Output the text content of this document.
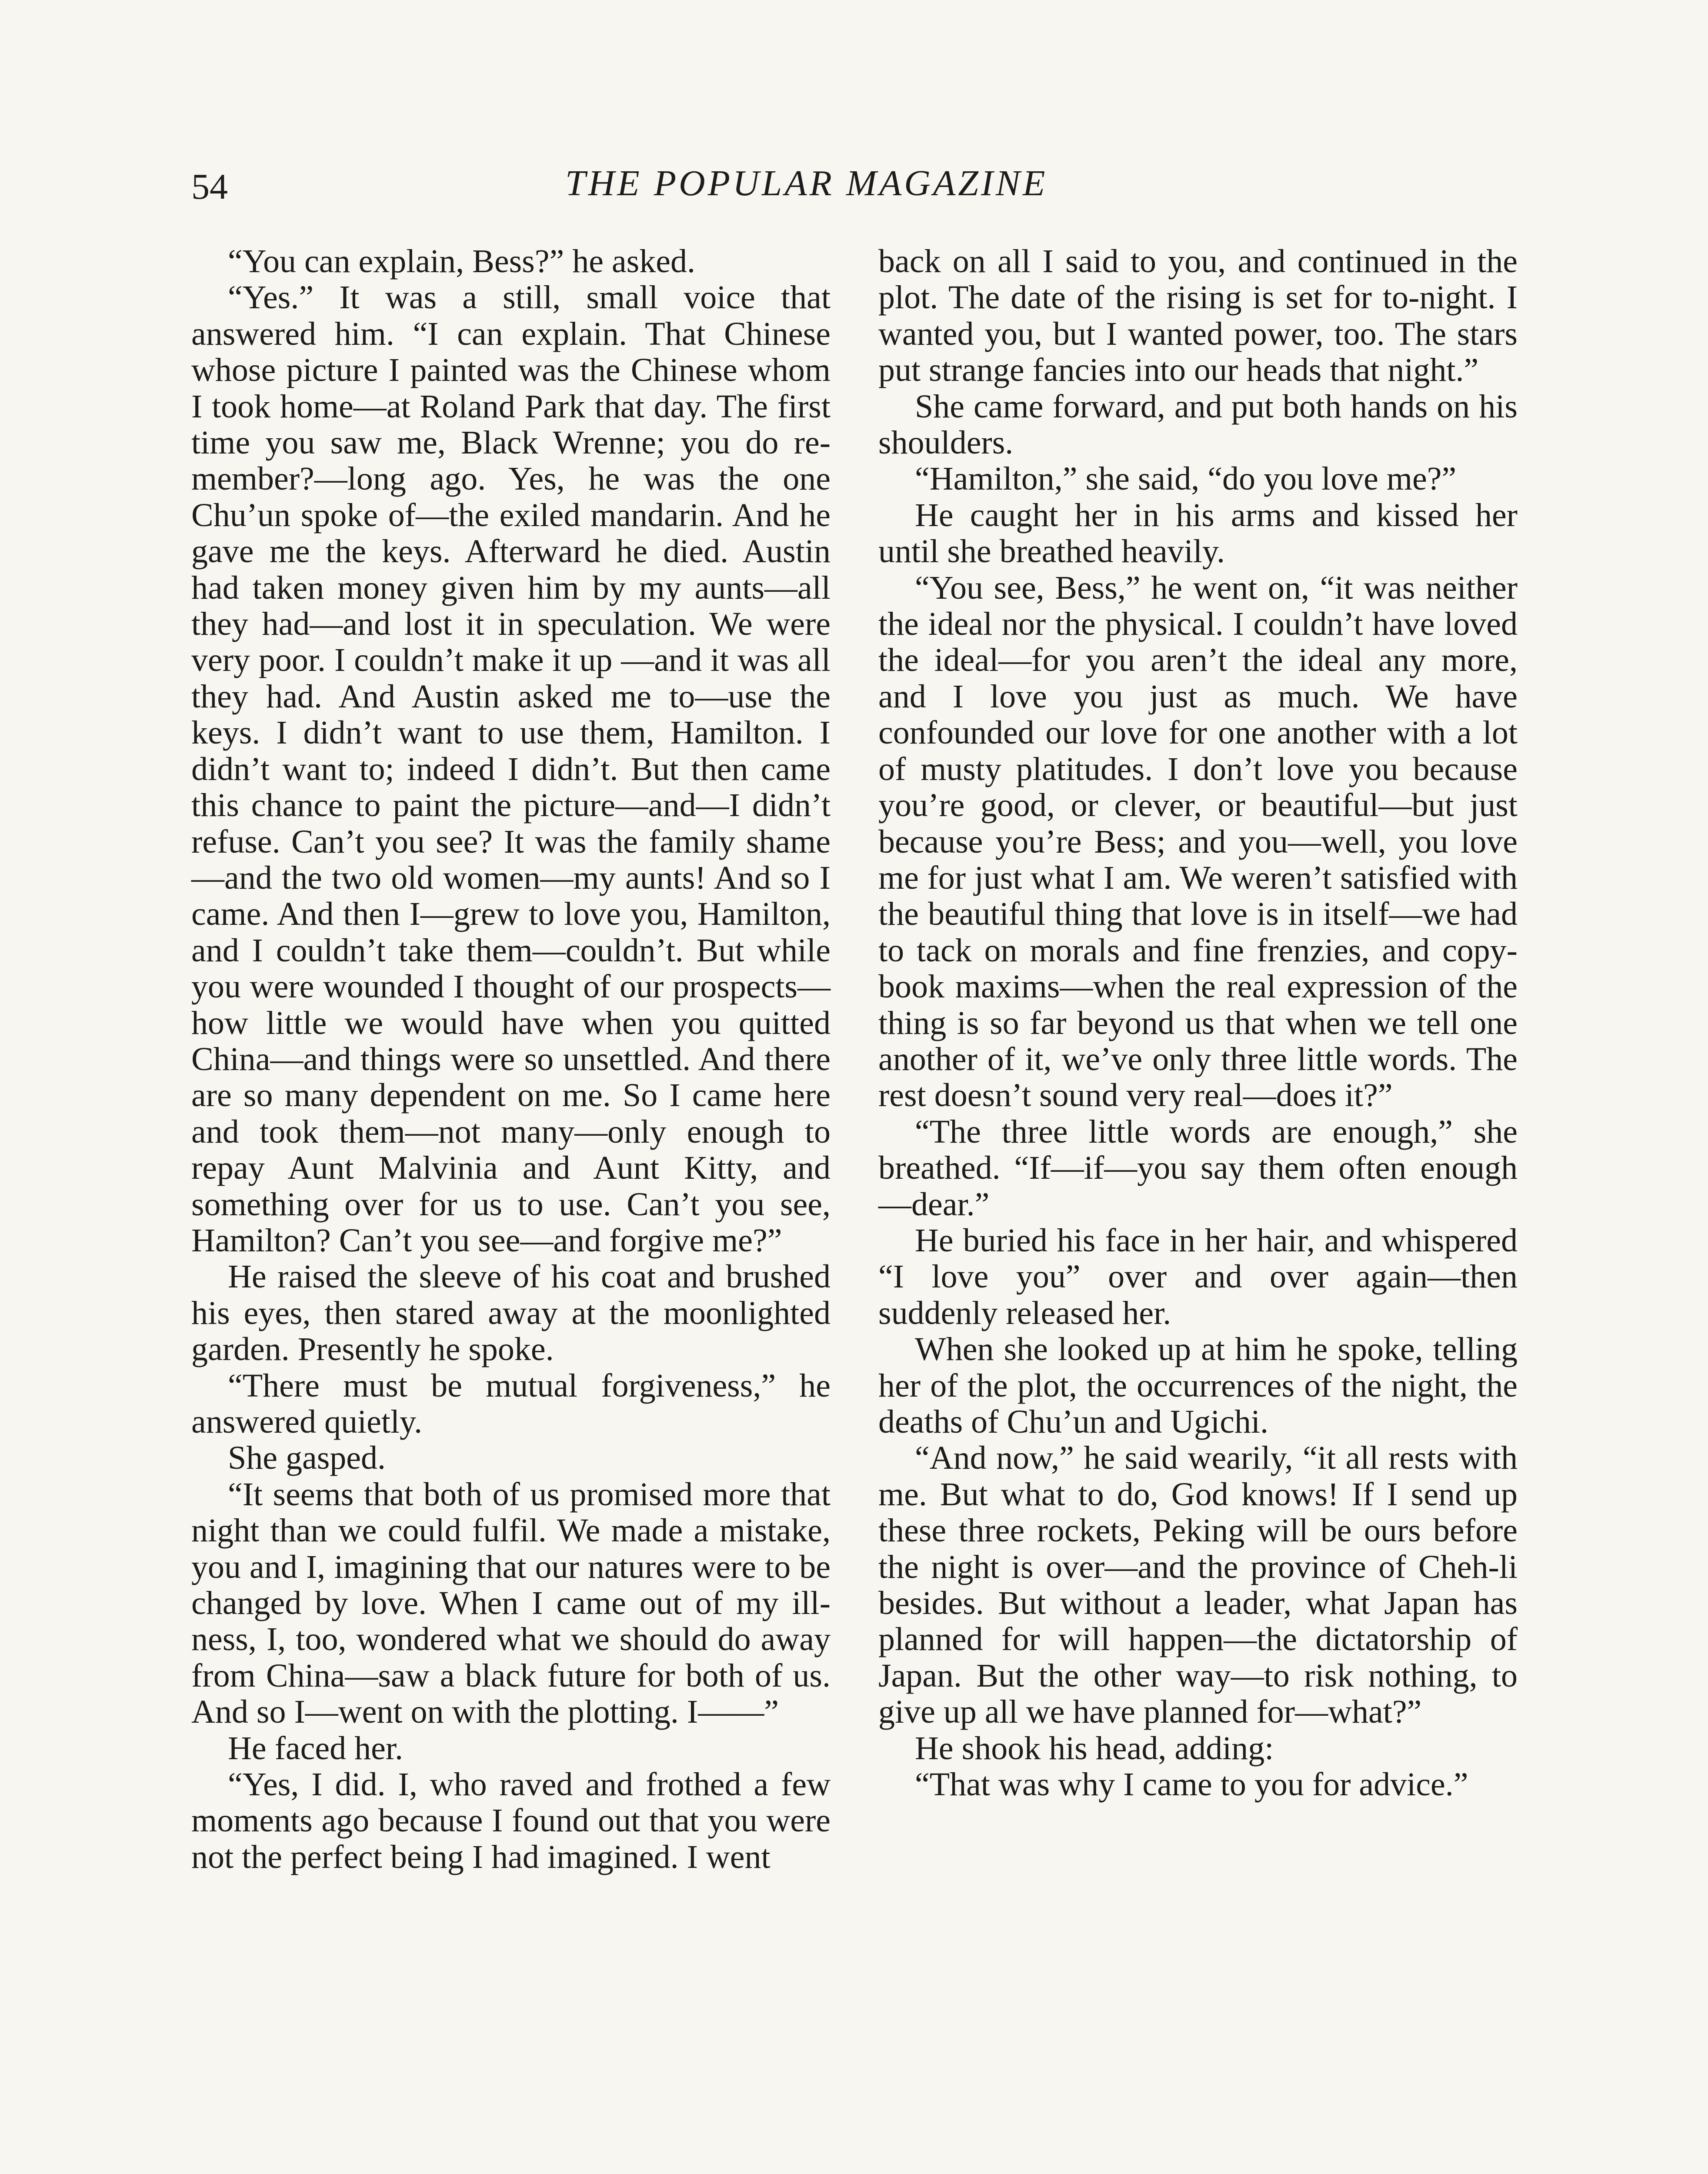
54	THE POPULAR MAGAZINE

“You can explain, Bess?” he asked.

“Yes.” It was a still, small voice that answered him. “I can explain. That Chinese whose picture I painted was the Chinese whom I took home—at Roland Park that day. The first time you saw me, Black Wrenne; you do remember?—long ago. Yes, he was the one Chu’un spoke of—the exiled mandarin. And he gave me the keys. Afterward he died. Austin had taken money given him by my aunts—all they had—and lost it in speculation. We were very poor. I couldn’t make it up —and it was all they had. And Austin asked me to—use the keys. I didn’t want to use them, Hamilton. I didn’t want to; indeed I didn’t. But then came this chance to paint the picture—and—I didn’t refuse. Can’t you see? It was the family shame—and the two old women—my aunts! And so I came. And then I—grew to love you, Hamilton, and I couldn’t take them—couldn’t. But while you were wounded I thought of our prospects—how little we would have when you quitted China—and things were so unsettled. And there are so many dependent on me. So I came here and took them—not many—only enough to repay Aunt Malvinia and Aunt Kitty, and something over for us to use. Can’t you see, Hamilton? Can’t you see—and forgive me?”

He raised the sleeve of his coat and brushed his eyes, then stared away at the moonlighted garden. Presently he spoke.

“There must be mutual forgiveness,” he answered quietly.

She gasped.

“It seems that both of us promised more that night than we could fulfil. We made a mistake, you and I, imagining that our natures were to be changed by love. When I came out of my illness, I, too, wondered what we should do away from China—saw a black future for both of us. And so I—went on with the plotting. I——”

He faced her.

“Yes, I did. I, who raved and frothed a few moments ago because I found out that you were not the perfect being I had imagined. I went

back on all I said to you, and continued in the plot. The date of the rising is set for to-night. I wanted you, but I wanted power, too. The stars put strange fancies into our heads that night.”

She came forward, and put both hands on his shoulders.

“Hamilton,” she said, “do you love me?”

He caught her in his arms and kissed her until she breathed heavily.

“You see, Bess,” he went on, “it was neither the ideal nor the physical. I couldn’t have loved the ideal—for you aren’t the ideal any more, and I love you just as much. We have confounded our love for one another with a lot of musty platitudes. I don’t love you because you’re good, or clever, or beautiful—but just because you’re Bess; and you—well, you love me for just what I am. We weren’t satisfied with the beautiful thing that love is in itself—we had to tack on morals and fine frenzies, and copy-book maxims—when the real expression of the thing is so far beyond us that when we tell one another of it, we’ve only three little words. The rest doesn’t sound very real—does it?”

“The three little words are enough,” she breathed. “If—if—you say them often enough—dear.”

He buried his face in her hair, and whispered “I love you” over and over again—then suddenly released her.

When she looked up at him he spoke, telling her of the plot, the occurrences of the night, the deaths of Chu’un and Ugichi.

“And now,” he said wearily, “it all rests with me. But what to do, God knows! If I send up these three rockets, Peking will be ours before the night is over—and the province of Cheh-li besides. But without a leader, what Japan has planned for will happen—the dictatorship of Japan. But the other way—to risk nothing, to give up all we have planned for—what?”

He shook his head, adding:

“That was why I came to you for advice.”
